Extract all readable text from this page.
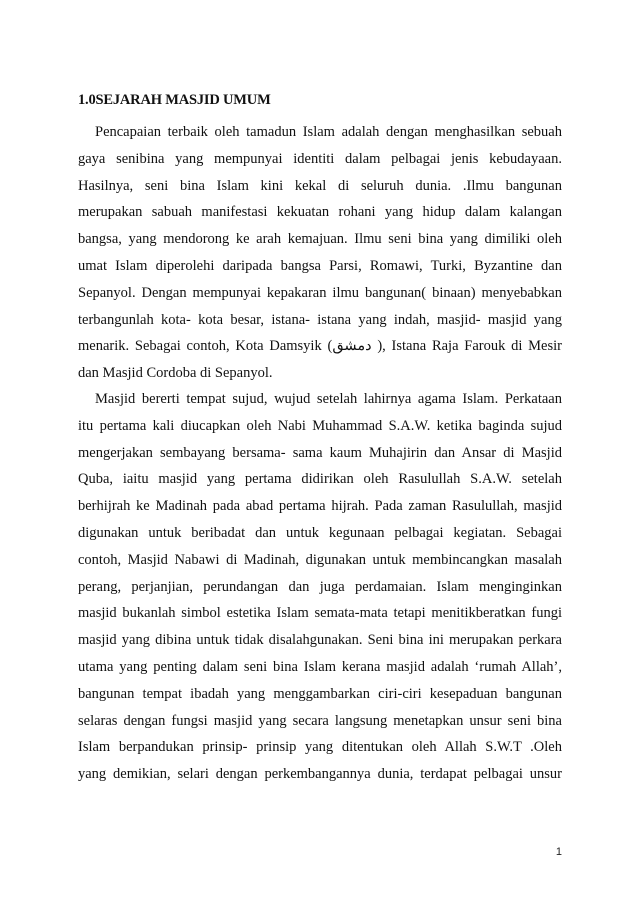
1.0SEJARAH MASJID UMUM
Pencapaian terbaik oleh tamadun Islam adalah dengan menghasilkan sebuah
gaya senibina yang mempunyai identiti dalam pelbagai jenis kebudayaan.
Hasilnya, seni bina Islam kini kekal di seluruh dunia. .Ilmu bangunan
merupakan sabuah manifestasi kekuatan rohani yang hidup dalam kalangan
bangsa, yang mendorong ke arah kemajuan. Ilmu seni bina yang dimiliki oleh
umat Islam diperolehi daripada bangsa Parsi, Romawi, Turki, Byzantine dan
Sepanyol. Dengan mempunyai kepakaran ilmu bangunan( binaan) menyebabkan
terbangunlah kota- kota besar, istana- istana yang indah, masjid- masjid yang
menarik. Sebagai contoh, Kota Damsyik (دمشق ), Istana Raja Farouk di Mesir
dan Masjid Cordoba di Sepanyol.
Masjid bererti tempat sujud, wujud setelah lahirnya agama Islam. Perkataan
itu pertama kali diucapkan oleh Nabi Muhammad S.A.W. ketika baginda sujud
mengerjakan sembayang bersama- sama kaum Muhajirin dan Ansar di Masjid
Quba, iaitu masjid yang pertama didirikan oleh Rasulullah S.A.W. setelah
berhijrah ke Madinah pada abad pertama hijrah. Pada zaman Rasulullah, masjid
digunakan untuk beribadat dan untuk kegunaan pelbagai kegiatan. Sebagai
contoh, Masjid Nabawi di Madinah, digunakan untuk membincangkan masalah
perang, perjanjian, perundangan dan juga perdamaian. Islam menginginkan
masjid bukanlah simbol estetika Islam semata-mata tetapi menitikberatkan fungi
masjid yang dibina untuk tidak disalahgunakan. Seni bina ini merupakan perkara
utama yang penting dalam seni bina Islam kerana masjid adalah ‘rumah Allah’,
bangunan tempat ibadah yang menggambarkan ciri-ciri kesepaduan bangunan
selaras dengan fungsi masjid yang secara langsung menetapkan unsur seni bina
Islam berpandukan prinsip- prinsip yang ditentukan oleh Allah S.W.T .Oleh
yang demikian, selari dengan perkembangannya dunia, terdapat pelbagai unsur
1
